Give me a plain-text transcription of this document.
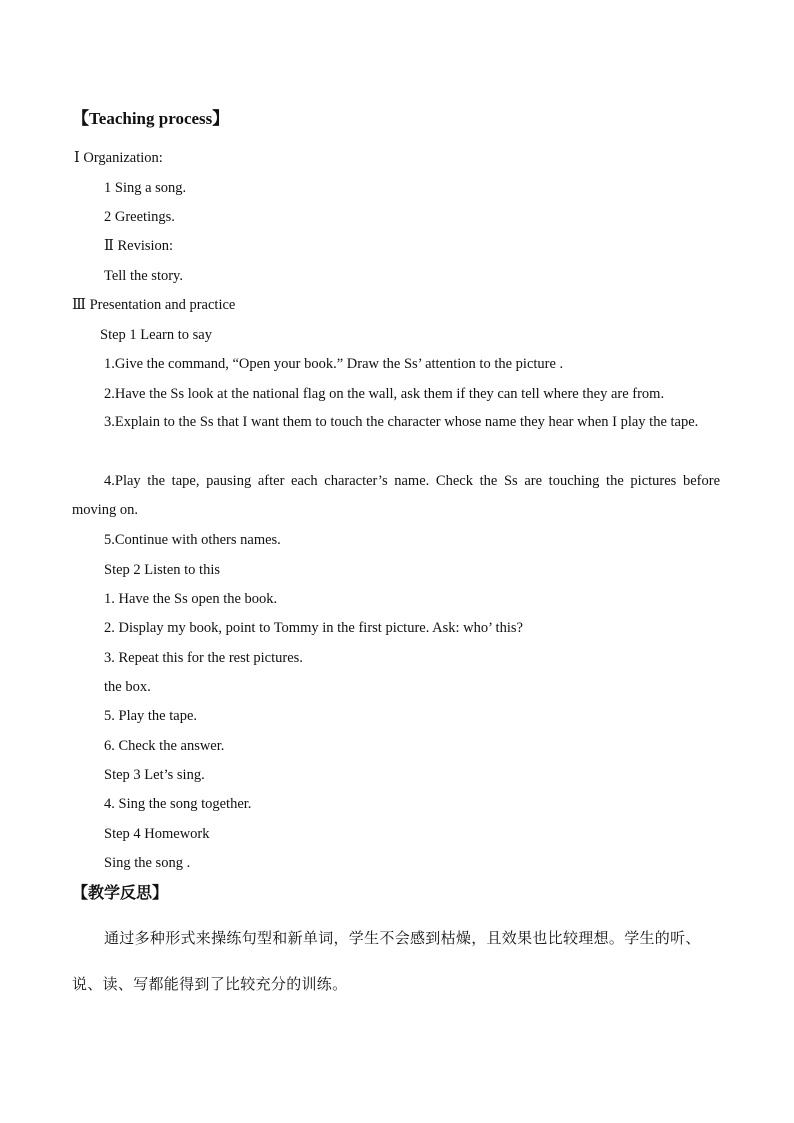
【Teaching process】
Ⅰ Organization:
1 Sing a song.
2 Greetings.
Ⅱ Revision:
Tell the story.
Ⅲ Presentation and practice
Step 1 Learn to say
1.Give the command, “Open your book.” Draw the Ss’ attention to the picture .
2.Have the Ss look at the national flag on the wall, ask them if they can tell where they are from.
3.Explain to the Ss that I want them to touch the character whose name they hear when I play the tape.
4.Play the tape, pausing after each character’s name. Check the Ss are touching the pictures before moving on.
5.Continue with others names.
Step 2 Listen to this
1. Have the Ss open the book.
2. Display my book, point to Tommy in the first picture. Ask: who’ this?
3. Repeat this for the rest pictures.
the box.
5. Play the tape.
6. Check the answer.
Step 3 Let’s sing.
4. Sing the song together.
Step 4 Homework
Sing the song .
【教学反思】
通过多种形式来操练句型和新单词，学生不会感到枯燥，且效果也比较理想。学生的听、说、读、写都能得到了比较充分的训练。
